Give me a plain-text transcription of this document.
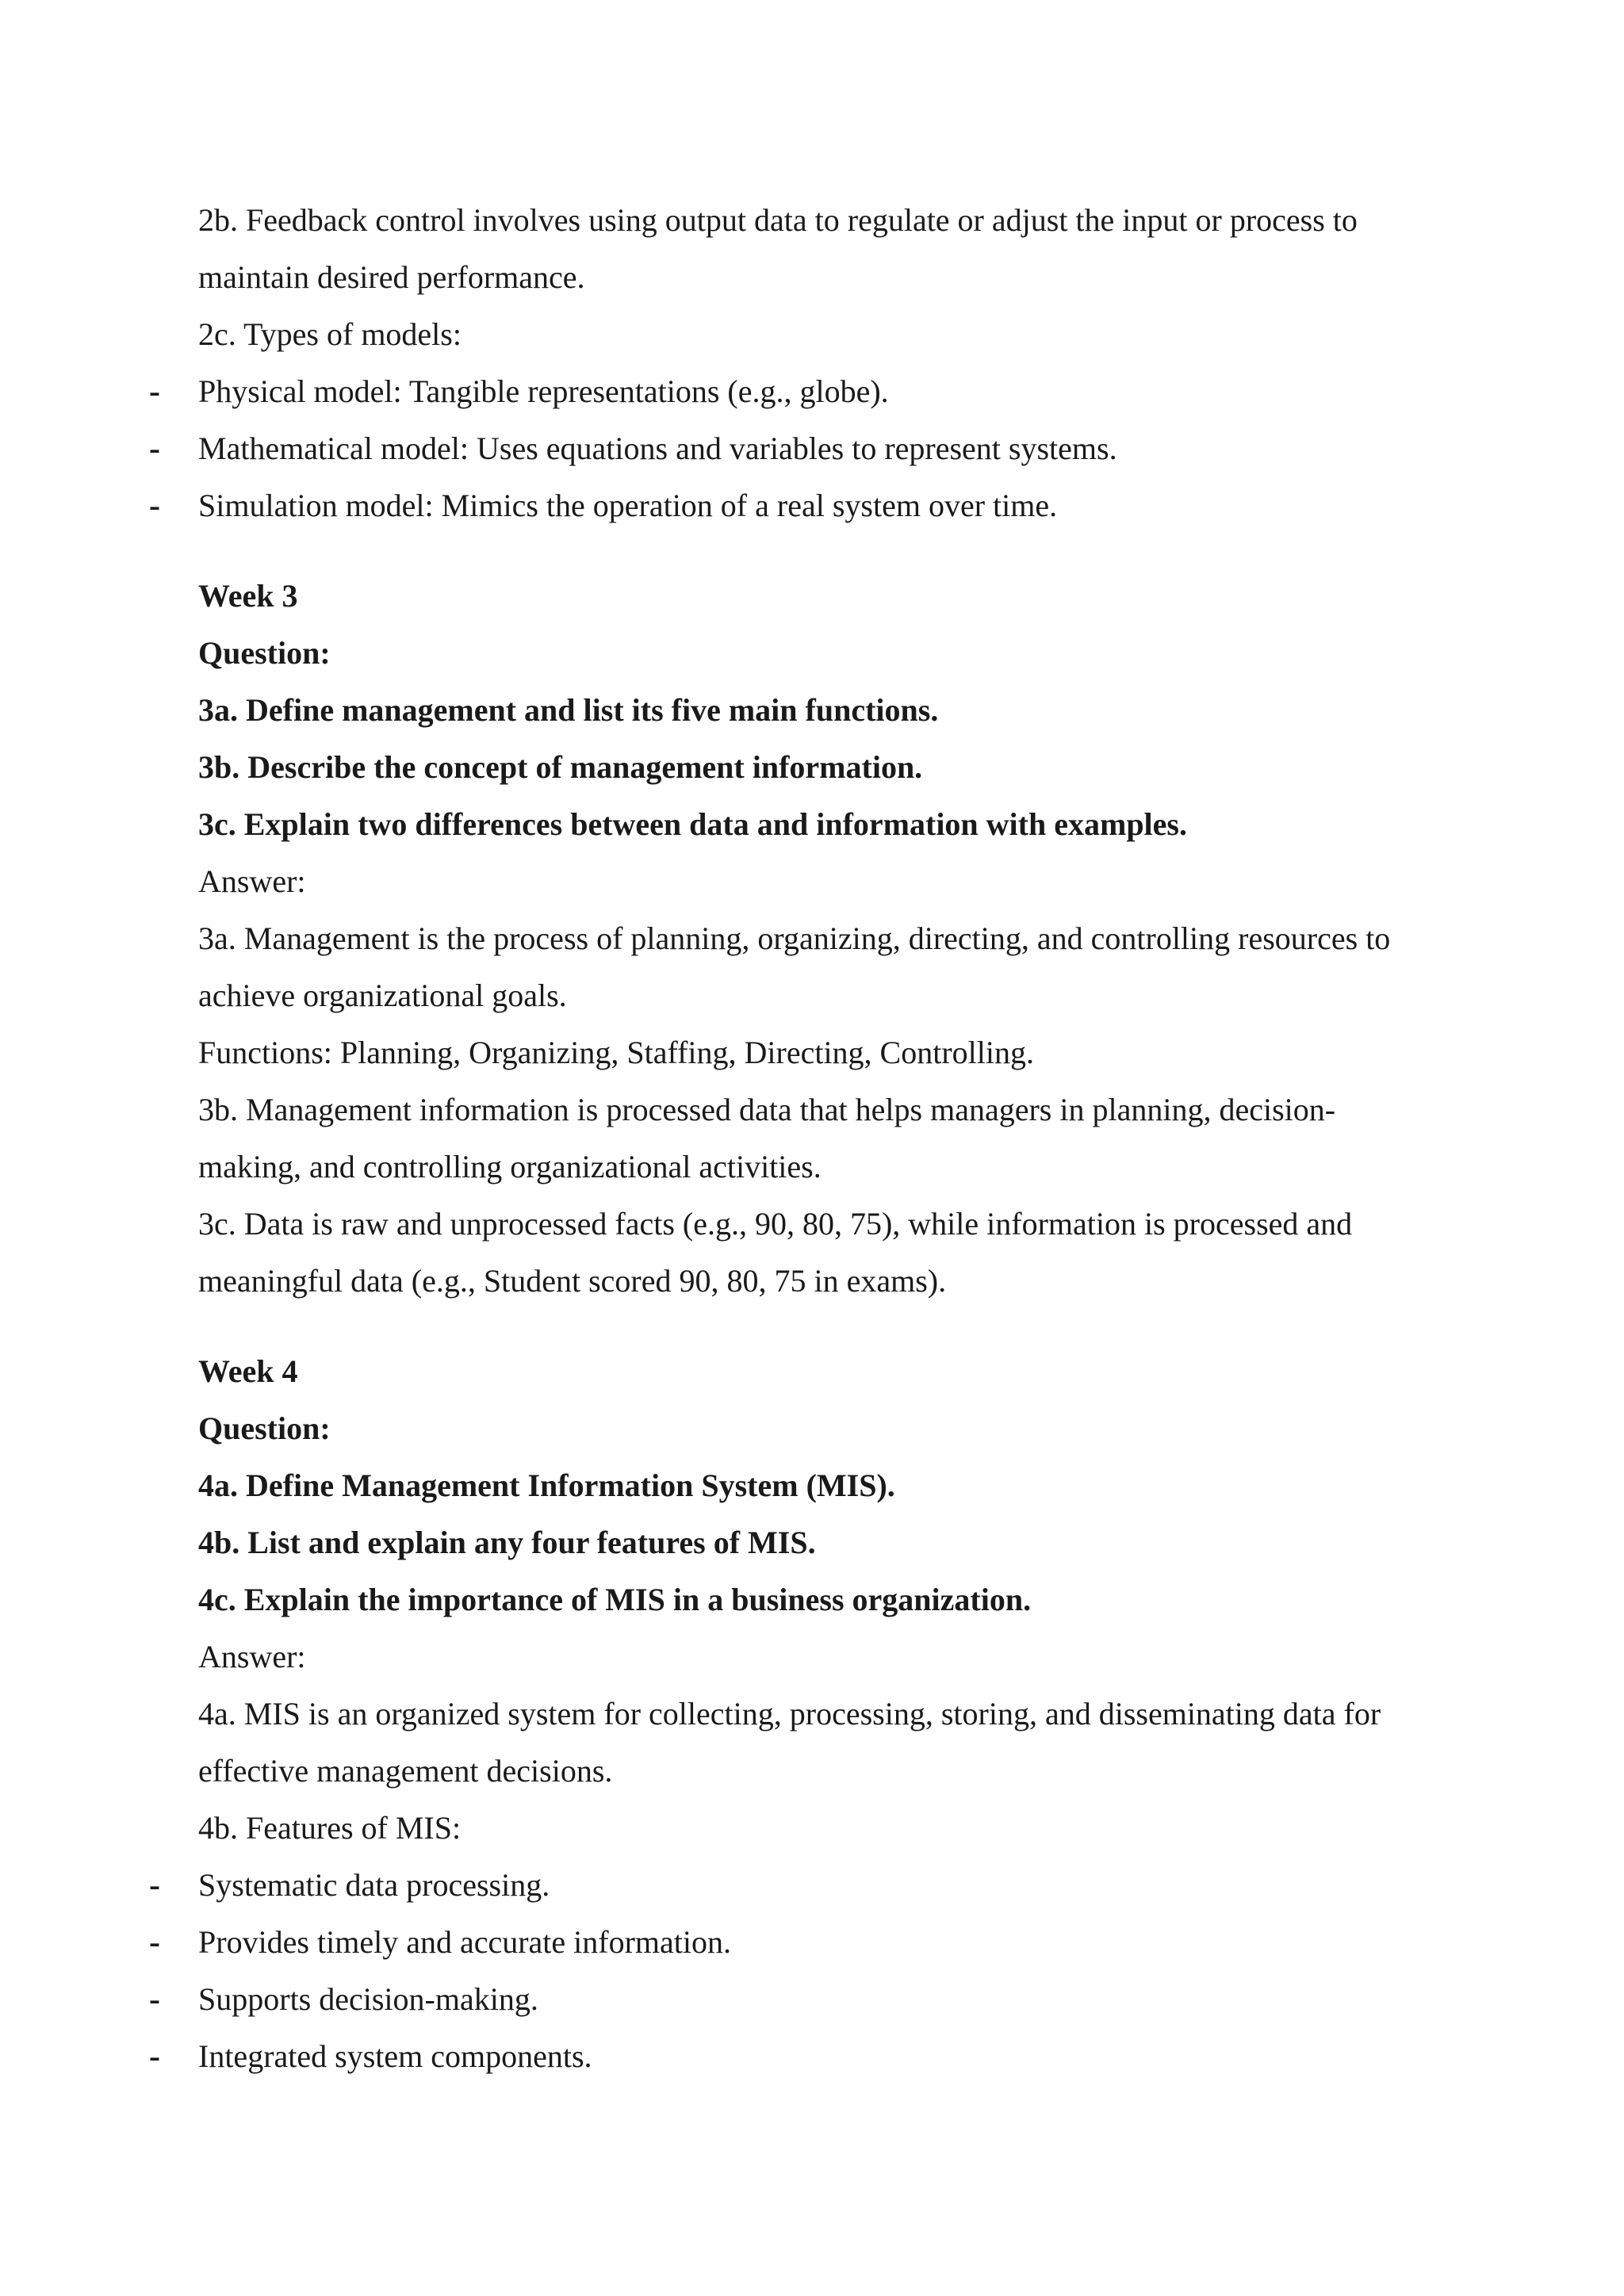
2b. Feedback control involves using output data to regulate or adjust the input or process to
maintain desired performance.
2c. Types of models:
- Physical model: Tangible representations (e.g., globe).
- Mathematical model: Uses equations and variables to represent systems.
- Simulation model: Mimics the operation of a real system over time.
Week 3
Question:
3a. Define management and list its five main functions.
3b. Describe the concept of management information.
3c. Explain two differences between data and information with examples.
Answer:
3a. Management is the process of planning, organizing, directing, and controlling resources to
achieve organizational goals.
Functions: Planning, Organizing, Staffing, Directing, Controlling.
3b. Management information is processed data that helps managers in planning, decision-
making, and controlling organizational activities.
3c. Data is raw and unprocessed facts (e.g., 90, 80, 75), while information is processed and
meaningful data (e.g., Student scored 90, 80, 75 in exams).
Week 4
Question:
4a. Define Management Information System (MIS).
4b. List and explain any four features of MIS.
4c. Explain the importance of MIS in a business organization.
Answer:
4a. MIS is an organized system for collecting, processing, storing, and disseminating data for
effective management decisions.
4b. Features of MIS:
- Systematic data processing.
- Provides timely and accurate information.
- Supports decision-making.
- Integrated system components.
